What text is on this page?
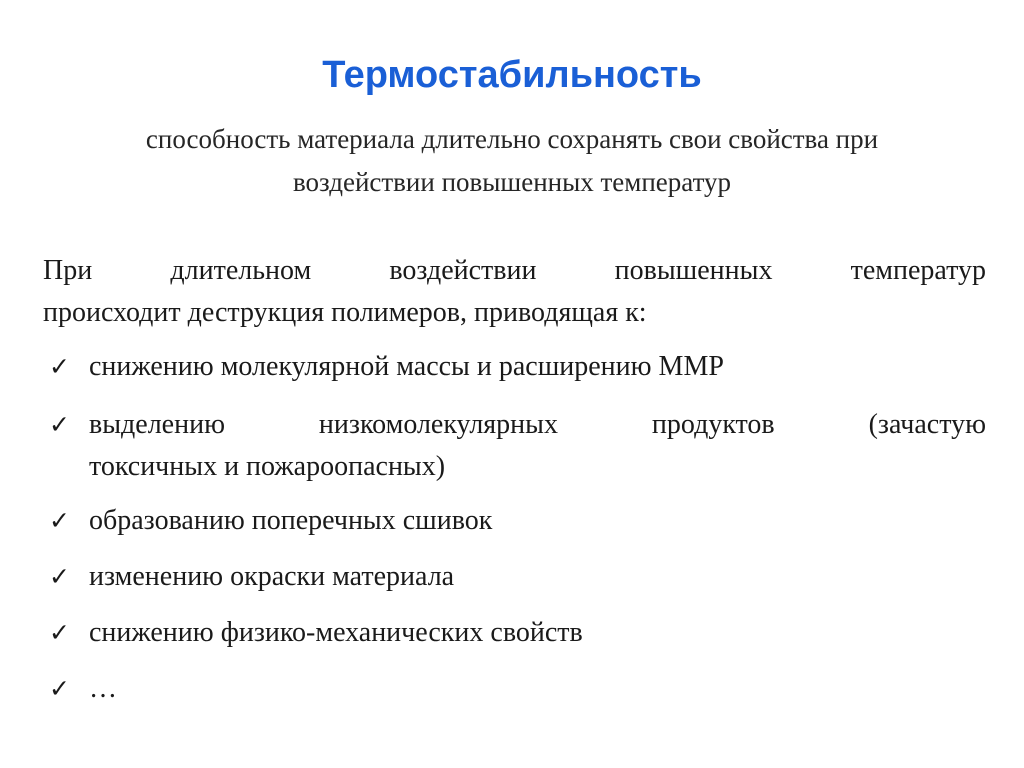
Термостабильность
способность материала длительно сохранять свои свойства при
воздействии повышенных температур
При длительном воздействии повышенных температур
происходит деструкция полимеров, приводящая к:
✓ снижению молекулярной массы и расширению ММР
✓ выделению низкомолекулярных продуктов (зачастую
токсичных и пожароопасных)
✓ образованию поперечных сшивок
✓ изменению окраски материала
✓ снижению физико-механических свойств
✓ …
